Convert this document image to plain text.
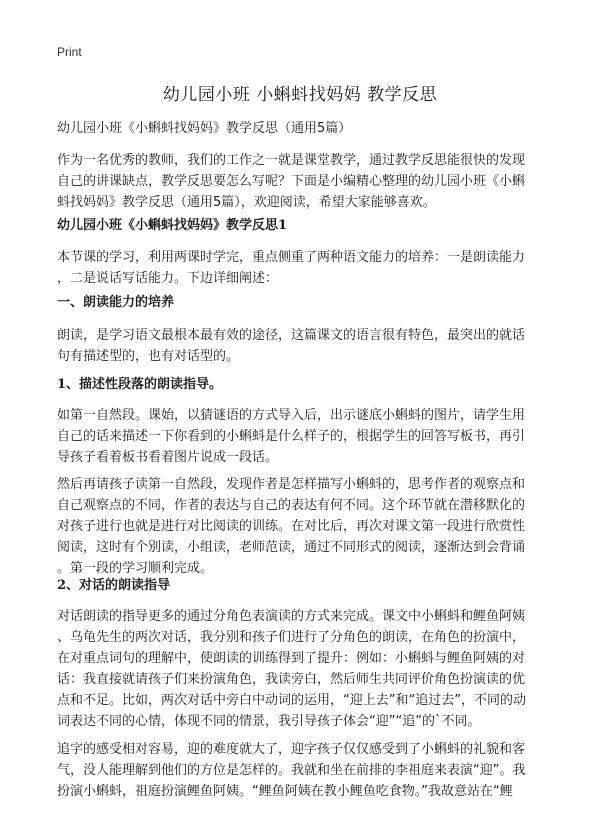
Print
幼儿园小班 小蝌蚪找妈妈 教学反思
幼儿园小班《小蝌蚪找妈妈》教学反思（通用5篇）
作为一名优秀的教师，我们的工作之一就是课堂教学，通过教学反思能很快的发现
自己的讲课缺点，教学反思要怎么写呢？下面是小编精心整理的幼儿园小班《小蝌
蚪找妈妈》教学反思（通用5篇），欢迎阅读，希望大家能够喜欢。
幼儿园小班《小蝌蚪找妈妈》教学反思1
本节课的学习，利用两课时学完，重点侧重了两种语文能力的培养：一是朗读能力
，二是说话写话能力。下边详细阐述：
一、朗读能力的培养
朗读，是学习语文最根本最有效的途径，这篇课文的语言很有特色，最突出的就话
句有描述型的，也有对话型的。
1、描述性段落的朗读指导。
如第一自然段。课始，以猜谜语的方式导入后，出示谜底小蝌蚪的图片，请学生用
自己的话来描述一下你看到的小蝌蚪是什么样子的，根据学生的回答写板书，再引
导孩子看着板书看着图片说成一段话。
然后再请孩子读第一自然段，发现作者是怎样描写小蝌蚪的，思考作者的观察点和
自己观察点的不同，作者的表达与自己的表达有何不同。这个环节就在潜移默化的
对孩子进行也就是进行对比阅读的训练。在对比后，再次对课文第一段进行欣赏性
阅读，这时有个别读，小组读，老师范读，通过不同形式的阅读，逐渐达到会背诵
。第一段的学习顺利完成。
2、对话的朗读指导
对话朗读的指导更多的通过分角色表演读的方式来完成。课文中小蝌蚪和鲤鱼阿姨
、乌龟先生的两次对话，我分别和孩子们进行了分角色的朗读，在角色的扮演中，
在对重点词句的理解中，使朗读的训练得到了提升：例如：小蝌蚪与鲤鱼阿姨的对
话：我直接就请孩子们来扮演角色，我读旁白，然后师生共同评价角色扮演读的优
点和不足。比如，两次对话中旁白中动词的运用，“迎上去”和“追过去”，不同的动
词表达不同的心情，体现不同的情景，我引导孩子体会“迎”“追”的`不同。
追字的感受相对容易，迎的难度就大了，迎字孩子仅仅感受到了小蝌蚪的礼貌和客
气，没人能理解到他们的方位是怎样的。我就和坐在前排的李祖庭来表演“迎”。我
扮演小蝌蚪，祖庭扮演鲤鱼阿姨。“鲤鱼阿姨在教小鲤鱼吃食物。”我故意站在“鲤
